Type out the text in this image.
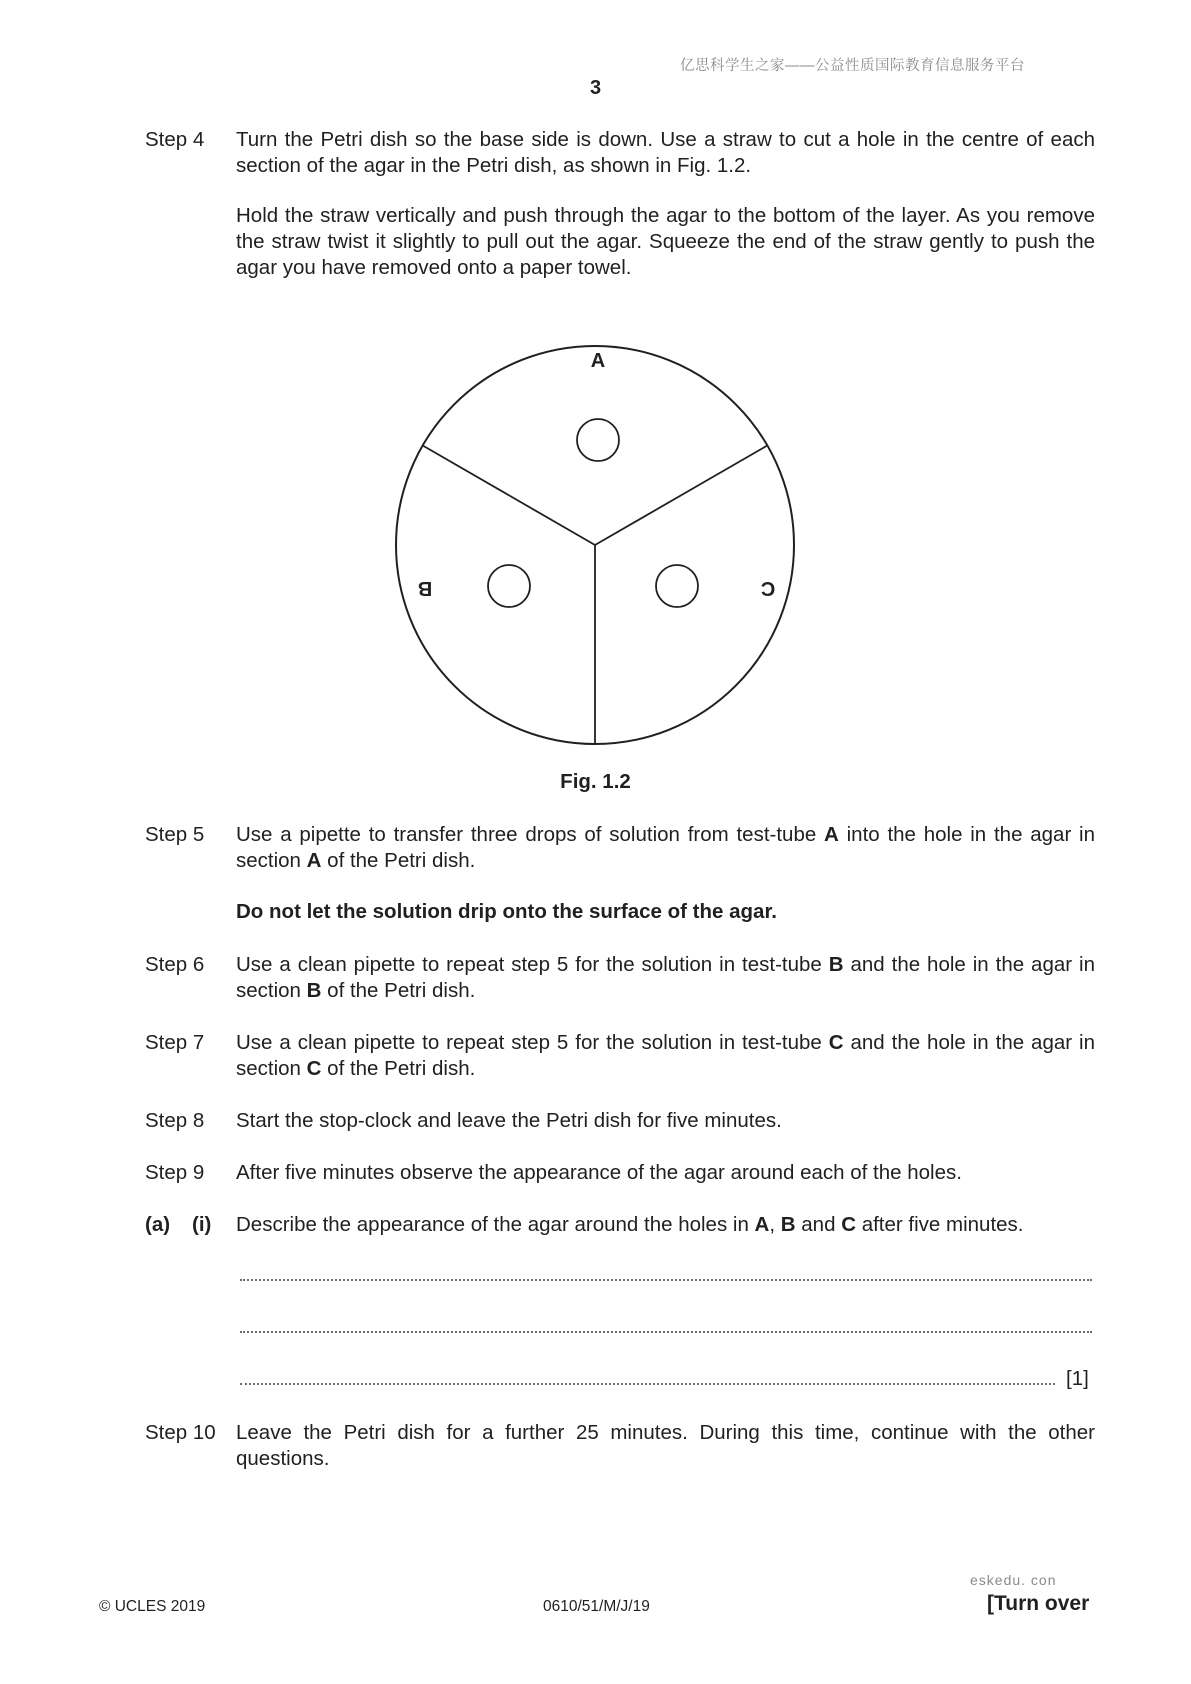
亿思科学生之家——公益性质国际教育信息服务平台
3
Step 4	Turn the Petri dish so the base side is down. Use a straw to cut a hole in the centre of each section of the agar in the Petri dish, as shown in Fig. 1.2.
Hold the straw vertically and push through the agar to the bottom of the layer. As you remove the straw twist it slightly to pull out the agar. Squeeze the end of the straw gently to push the agar you have removed onto a paper towel.
A
B	C
Fig. 1.2
Step 5	Use a pipette to transfer three drops of solution from test-tube A into the hole in the agar in section A of the Petri dish.
Do not let the solution drip onto the surface of the agar.
Step 6	Use a clean pipette to repeat step 5 for the solution in test-tube B and the hole in the agar in section B of the Petri dish.
Step 7	Use a clean pipette to repeat step 5 for the solution in test-tube C and the hole in the agar in section C of the Petri dish.
Step 8	Start the stop-clock and leave the Petri dish for five minutes.
Step 9	After five minutes observe the appearance of the agar around each of the holes.
(a) (i) Describe the appearance of the agar around the holes in A, B and C after five minutes.
[1]
Step 10 Leave the Petri dish for a further 25 minutes. During this time, continue with the other questions.
eskedu. con
© UCLES 2019	0610/51/M/J/19	[Turn over
